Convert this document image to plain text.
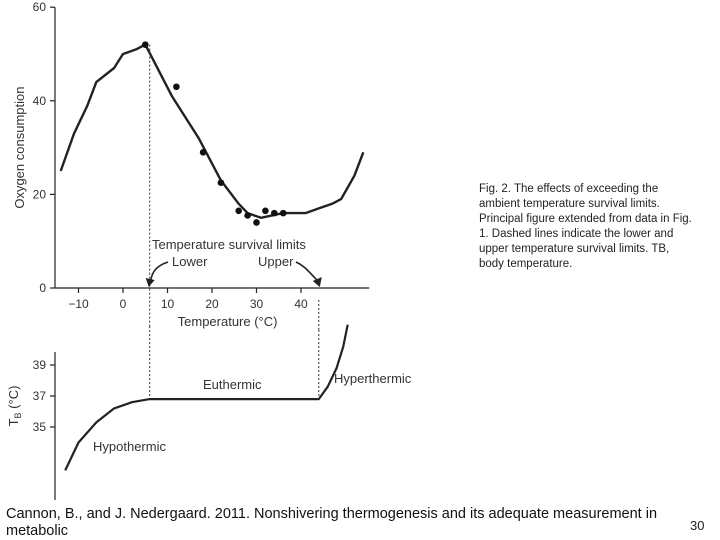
0
20
40
60
−10	0	10	20	30	40
Oxygen consumption
Temperature (°C)
Temperature survival limits
Lower	Upper
35
37
39
$T_B$ (°C)
Hypothermic
Euthermic	Hyperthermic
Fig. 2. The effects of exceeding the ambient temperature survival limits. Principal figure extended from data in Fig. 1. Dashed lines indicate the lower and upper temperature survival limits. TB, body temperature.
Cannon, B., and J. Nedergaard. 2011. Nonshivering thermogenesis and its adequate measurement in metabolic	30
